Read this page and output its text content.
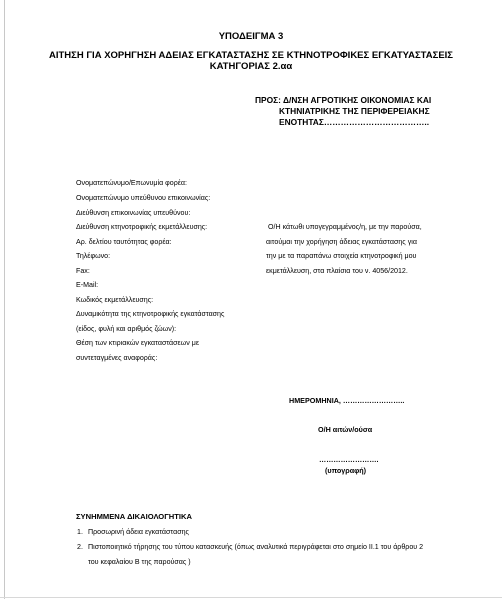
ΥΠΟΔΕΙΓΜΑ 3
ΑΙΤΗΣΗ ΓΙΑ ΧΟΡΗΓΗΣΗ ΑΔΕΙΑΣ ΕΓΚΑΤΑΣΤΑΣΗΣ ΣΕ ΚΤΗΝΟΤΡΟΦΙΚΕΣ ΕΓΚΑΤΥΑΣΤΑΣΕΙΣ
ΚΑΤΗΓΟΡΙΑΣ 2.αα
ΠΡΟΣ: Δ/ΝΣΗ ΑΓΡΟΤΙΚΗΣ ΟΙΚΟΝΟΜΙΑΣ ΚΑΙ
ΚΤΗΝΙΑΤΡΙΚΗΣ ΤΗΣ ΠΕΡΙΦΕΡΕΙΑΚΗΣ
ΕΝΟΤΗΤΑΣ………………………………..
Ονοματεπώνυμο/Επωνυμία φορέα:
Ονοματεπώνυμο υπεύθυνου επικοινωνίας:
Διεύθυνση επικοινωνίας υπευθύνου:
Διεύθυνση κτηνοτροφικής εκμετάλλευσης:
Αρ. δελτίου ταυτότητας φορέα:
Τηλέφωνο:
Fax:
E-Mail:
Κωδικός εκμετάλλευσης:
Δυναμικότητα της κτηνοτροφικής εγκατάστασης
(είδος, φυλή και αριθμός ζώων):
Θέση των κτιριακών εγκαταστάσεων με
συντεταγμένες αναφοράς:
Ο/Η κάτωθι υπογεγραμμένος/η, με την παρούσα,
αιτούμαι την χορήγηση άδειας εγκατάστασης για
την με τα παραπάνω στοιχεία κτηνοτροφική μου
εκμετάλλευση, στα πλαίσια του ν. 4056/2012.
ΗΜΕΡΟΜΗΝΙΑ, ……………………..
Ο/Η αιτών/ούσα
…………………….
(υπογραφή)
ΣΥΝΗΜΜΕΝΑ ΔΙΚΑΙΟΛΟΓΗΤΙΚΑ
1. Προσωρινή άδεια εγκατάστασης
2. Πιστοποιητικό τήρησης του τύπου κατασκευής (όπως αναλυτικά περιγράφεται στο σημείο ΙΙ.1 του άρθρου 2
του κεφαλαίου Β της παρούσας )
